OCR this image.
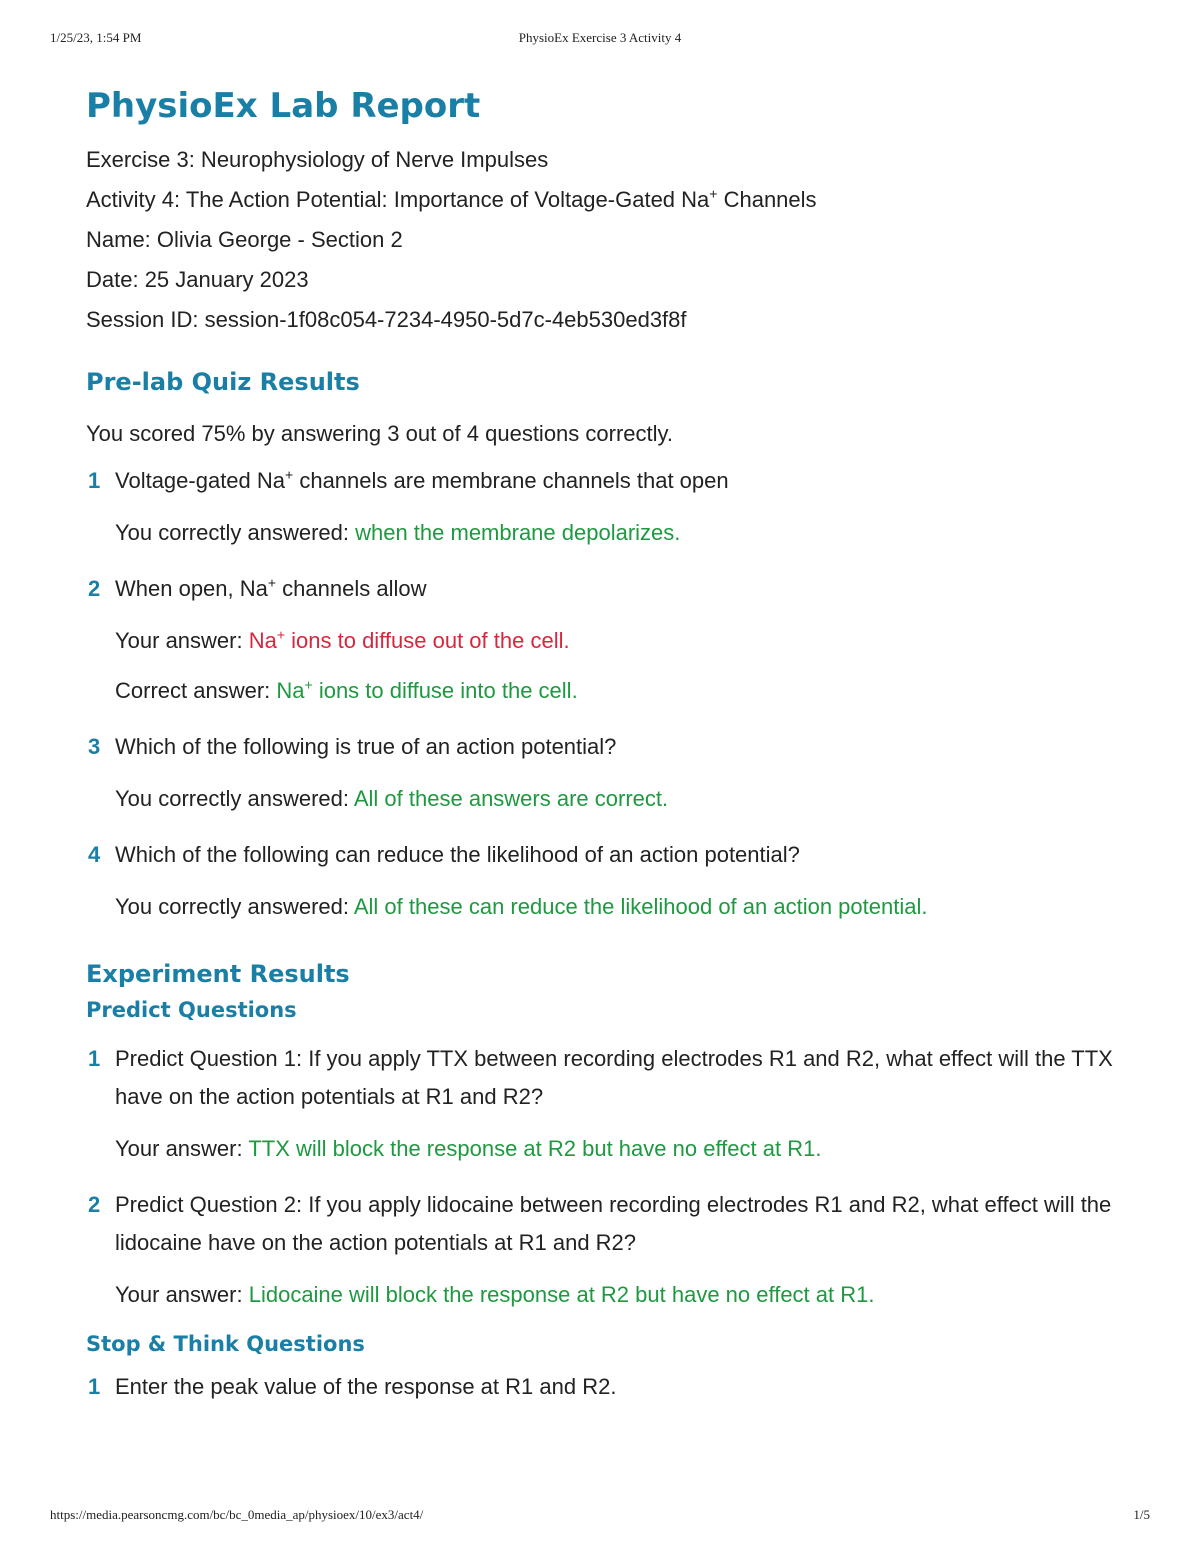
1/25/23, 1:54 PM	PhysioEx Exercise 3 Activity 4
PhysioEx Lab Report
Exercise 3: Neurophysiology of Nerve Impulses
Activity 4: The Action Potential: Importance of Voltage-Gated Na+ Channels
Name: Olivia George - Section 2
Date: 25 January 2023
Session ID: session-1f08c054-7234-4950-5d7c-4eb530ed3f8f
Pre-lab Quiz Results
You scored 75% by answering 3 out of 4 questions correctly.
1 Voltage-gated Na+ channels are membrane channels that open
You correctly answered: when the membrane depolarizes.
2 When open, Na+ channels allow
Your answer: Na+ ions to diffuse out of the cell.
Correct answer: Na+ ions to diffuse into the cell.
3 Which of the following is true of an action potential?
You correctly answered: All of these answers are correct.
4 Which of the following can reduce the likelihood of an action potential?
You correctly answered: All of these can reduce the likelihood of an action potential.
Experiment Results
Predict Questions
1 Predict Question 1: If you apply TTX between recording electrodes R1 and R2, what effect will the TTX have on the action potentials at R1 and R2?
Your answer: TTX will block the response at R2 but have no effect at R1.
2 Predict Question 2: If you apply lidocaine between recording electrodes R1 and R2, what effect will the lidocaine have on the action potentials at R1 and R2?
Your answer: Lidocaine will block the response at R2 but have no effect at R1.
Stop & Think Questions
1 Enter the peak value of the response at R1 and R2.
https://media.pearsoncmg.com/bc/bc_0media_ap/physioex/10/ex3/act4/	1/5
